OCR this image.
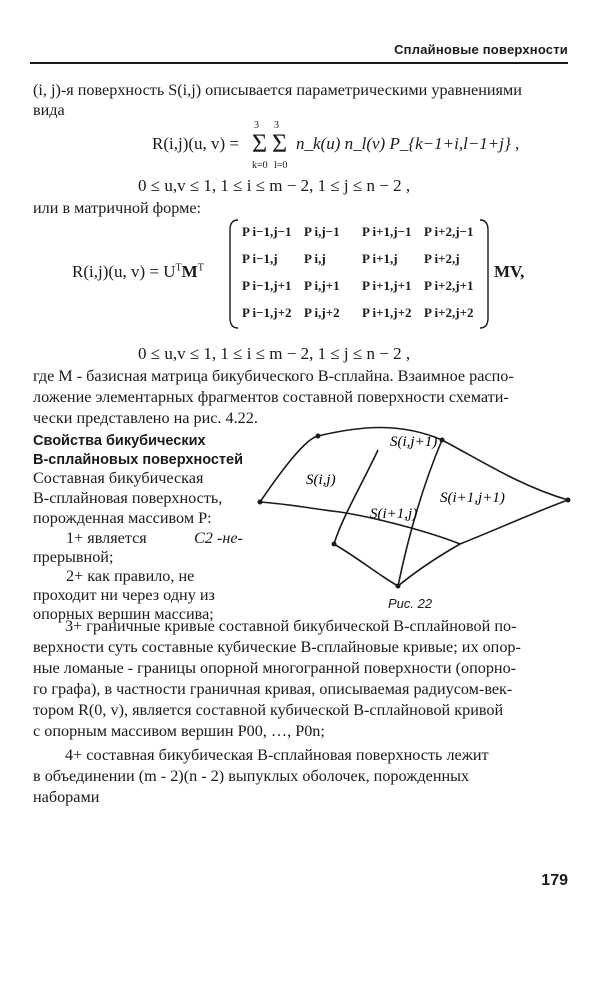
Сплайновые поверхности
(i, j)-я поверхность S(i,j) описывается параметрическими уравнениями
вида
R(i,j)(u, v) =
3 3
Σ Σ
k=0 l=0
n_k(u) n_l(v) P_{k−1+i,l−1+j} ,
0 ≤ u,v ≤ 1, 1 ≤ i ≤ m − 2, 1 ≤ j ≤ n − 2 ,
или в матричной форме:
R(i,j)(u, $v) = U^TM^T$
P i−1,j−1 P i,j−1 P i+1,j−1 P i+2,j−1
P i−1,j P i,j	P i+1,j P i+2,j
P i−1,j+1 P i,j+1 P i+1,j+1 P i+2,j+1
P i−1,j+2 P i,j+2 P i+1,j+2 P i+2,j+2
MV,
0 ≤ u,v ≤ 1, 1 ≤ i ≤ m − 2, 1 ≤ j ≤ n − 2 ,
где M - базисная матрица бикубического B-сплайна. Взаимное распо-
ложение элементарных фрагментов составной поверхности схемати-
чески представлено на рис. 4.22.
Свойства бикубических
B-сплайновых поверхностей
Составная бикубическая
B-сплайновая поверхность,
порожденная массивом P:
1+ является	C2 -не-
прерывной;
2+ как правило, не
проходит ни через одну из
опорных вершин массива;
S(i,j+1)
S(i,j)
S(i+1,j)
S(i+1,j+1)
Рис. 22
3+ граничные кривые составной бикубической B-сплайновой по-
верхности суть составные кубические B-сплайновые кривые; их опор-
ные ломаные - границы опорной многогранной поверхности (опорно-
го графа), в частности граничная кривая, описываемая радиусом-век-
тором R(0, v), является составной кубической B-сплайновой кривой
с опорным массивом вершин P00, …, P0n;
4+ составная бикубическая B-сплайновая поверхность лежит
в объединении (m - 2)(n - 2) выпуклых оболочек, порожденных
наборами
179
